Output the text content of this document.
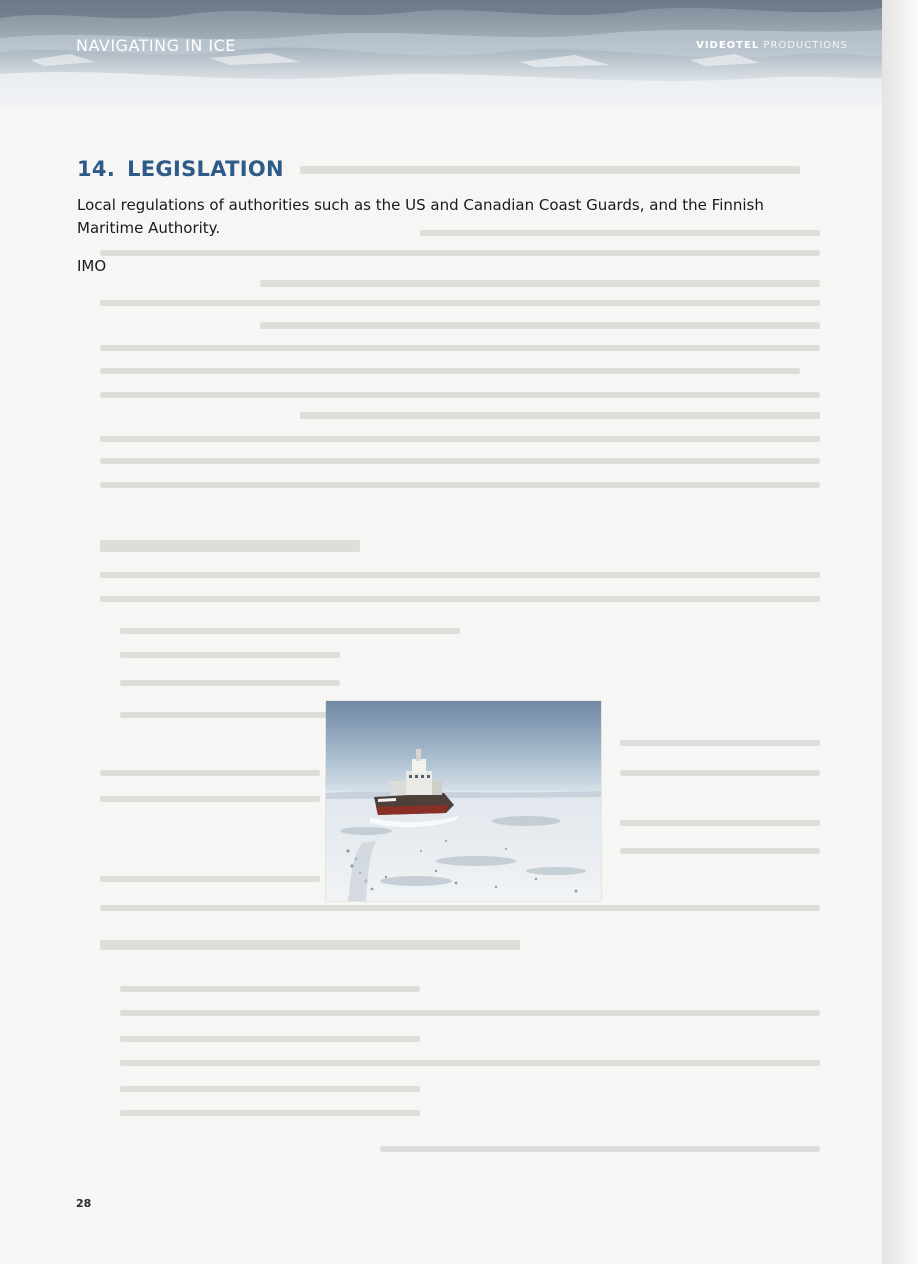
NAVIGATING IN ICE	VIDEOTEL PRODUCTIONS
14. LEGISLATION
Local regulations of authorities such as the US and Canadian Coast Guards, and the Finnish Maritime Authority.
IMO
28
